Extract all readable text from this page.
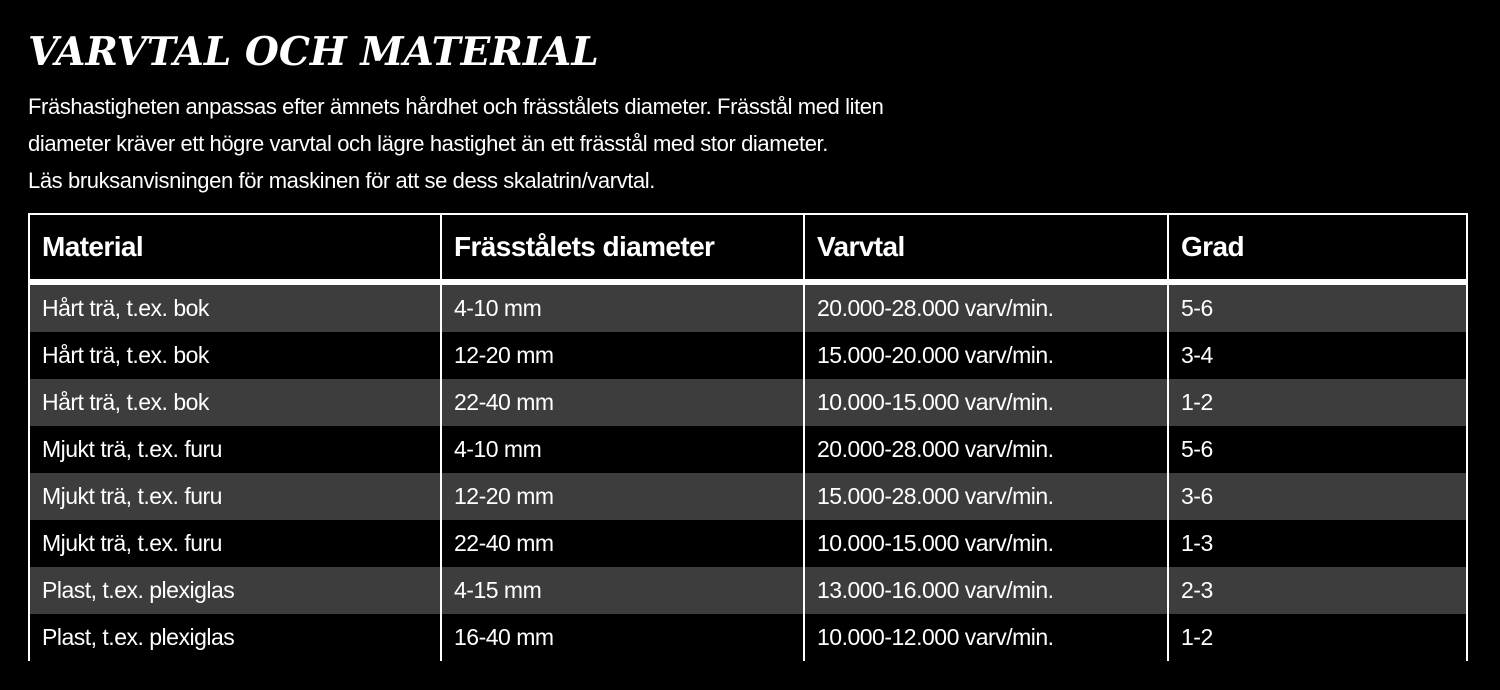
VARVTAL OCH MATERIAL

Fräshastigheten anpassas efter ämnets hårdhet och frässtålets diameter. Frässtål med liten
diameter kräver ett högre varvtal och lägre hastighet än ett frässtål med stor diameter.
Läs bruksanvisningen för maskinen för att se dess skalatrin/varvtal.

Material	Frässtålets diameter	Varvtal	Grad
Hårt trä, t.ex. bok	4-10 mm	20.000-28.000 varv/min.	5-6
Hårt trä, t.ex. bok	12-20 mm	15.000-20.000 varv/min.	3-4
Hårt trä, t.ex. bok	22-40 mm	10.000-15.000 varv/min.	1-2
Mjukt trä, t.ex. furu	4-10 mm	20.000-28.000 varv/min.	5-6
Mjukt trä, t.ex. furu	12-20 mm	15.000-28.000 varv/min.	3-6
Mjukt trä, t.ex. furu	22-40 mm	10.000-15.000 varv/min.	1-3
Plast, t.ex. plexiglas	4-15 mm	13.000-16.000 varv/min.	2-3
Plast, t.ex. plexiglas	16-40 mm	10.000-12.000 varv/min.	1-2
